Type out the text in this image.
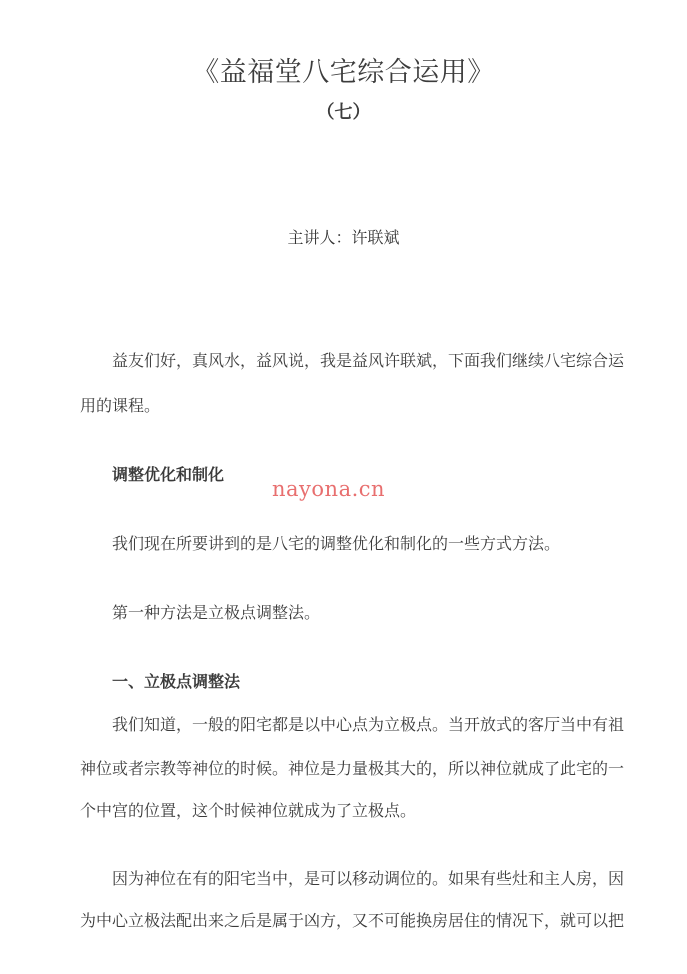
《益福堂八宅综合运用》
（七）
主讲人：许联斌
益友们好，真风水，益风说，我是益风许联斌，下面我们继续八宅综合运
用的课程。
调整优化和制化
nayona.cn
我们现在所要讲到的是八宅的调整优化和制化的一些方式方法。
第一种方法是立极点调整法。
一、立极点调整法
我们知道，一般的阳宅都是以中心点为立极点。当开放式的客厅当中有祖
神位或者宗教等神位的时候。神位是力量极其大的，所以神位就成了此宅的一
个中宫的位置，这个时候神位就成为了立极点。
因为神位在有的阳宅当中，是可以移动调位的。如果有些灶和主人房，因
为中心立极法配出来之后是属于凶方，又不可能换房居住的情况下，就可以把
